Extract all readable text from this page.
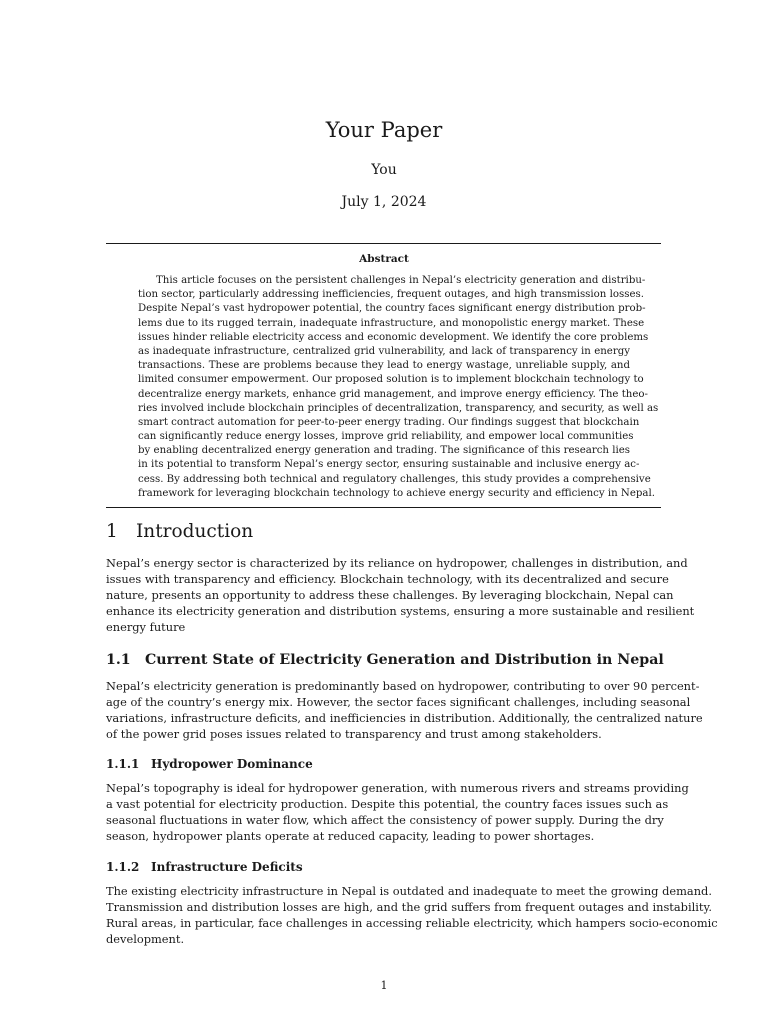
Your Paper
You
July 1, 2024
Abstract
This article focuses on the persistent challenges in Nepal’s electricity generation and distribu-
tion sector, particularly addressing inefficiencies, frequent outages, and high transmission losses.
Despite Nepal’s vast hydropower potential, the country faces significant energy distribution prob-
lems due to its rugged terrain, inadequate infrastructure, and monopolistic energy market. These
issues hinder reliable electricity access and economic development. We identify the core problems
as inadequate infrastructure, centralized grid vulnerability, and lack of transparency in energy
transactions. These are problems because they lead to energy wastage, unreliable supply, and
limited consumer empowerment. Our proposed solution is to implement blockchain technology to
decentralize energy markets, enhance grid management, and improve energy efficiency. The theo-
ries involved include blockchain principles of decentralization, transparency, and security, as well as
smart contract automation for peer-to-peer energy trading. Our findings suggest that blockchain
can significantly reduce energy losses, improve grid reliability, and empower local communities
by enabling decentralized energy generation and trading. The significance of this research lies
in its potential to transform Nepal’s energy sector, ensuring sustainable and inclusive energy ac-
cess. By addressing both technical and regulatory challenges, this study provides a comprehensive
framework for leveraging blockchain technology to achieve energy security and efficiency in Nepal.
1 Introduction
Nepal’s energy sector is characterized by its reliance on hydropower, challenges in distribution, and
issues with transparency and efficiency. Blockchain technology, with its decentralized and secure
nature, presents an opportunity to address these challenges. By leveraging blockchain, Nepal can
enhance its electricity generation and distribution systems, ensuring a more sustainable and resilient
energy future
1.1 Current State of Electricity Generation and Distribution in Nepal
Nepal’s electricity generation is predominantly based on hydropower, contributing to over 90 percent-
age of the country’s energy mix. However, the sector faces significant challenges, including seasonal
variations, infrastructure deficits, and inefficiencies in distribution. Additionally, the centralized nature
of the power grid poses issues related to transparency and trust among stakeholders.
1.1.1 Hydropower Dominance
Nepal’s topography is ideal for hydropower generation, with numerous rivers and streams providing
a vast potential for electricity production. Despite this potential, the country faces issues such as
seasonal fluctuations in water flow, which affect the consistency of power supply. During the dry
season, hydropower plants operate at reduced capacity, leading to power shortages.
1.1.2 Infrastructure Deficits
The existing electricity infrastructure in Nepal is outdated and inadequate to meet the growing demand.
Transmission and distribution losses are high, and the grid suffers from frequent outages and instability.
Rural areas, in particular, face challenges in accessing reliable electricity, which hampers socio-economic
development.
1
